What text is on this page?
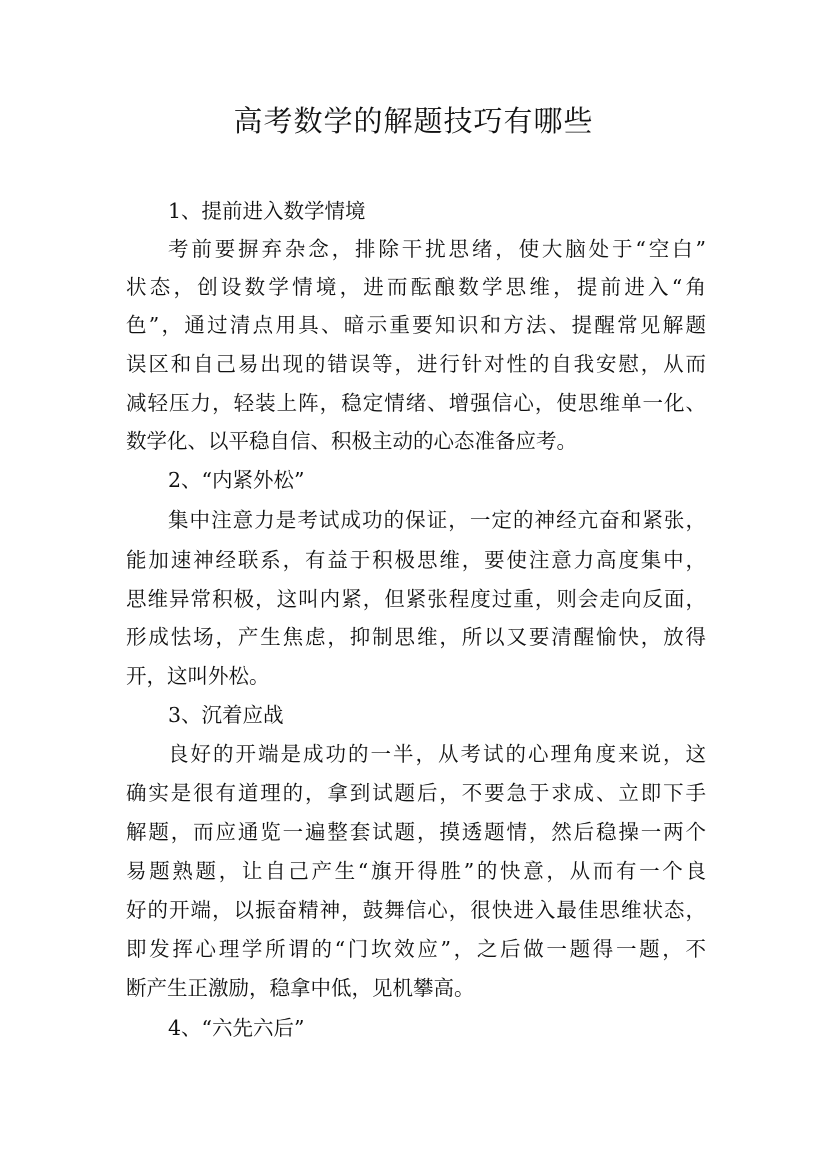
高考数学的解题技巧有哪些
1、提前进入数学情境
考前要摒弃杂念，排除干扰思绪，使大脑处于“空白”
状态，创设数学情境，进而酝酿数学思维，提前进入“角
色”，通过清点用具、暗示重要知识和方法、提醒常见解题
误区和自己易出现的错误等，进行针对性的自我安慰，从而
减轻压力，轻装上阵，稳定情绪、增强信心，使思维单一化、
数学化、以平稳自信、积极主动的心态准备应考。
2、“内紧外松”
集中注意力是考试成功的保证，一定的神经亢奋和紧张，
能加速神经联系，有益于积极思维，要使注意力高度集中，
思维异常积极，这叫内紧，但紧张程度过重，则会走向反面，
形成怯场，产生焦虑，抑制思维，所以又要清醒愉快，放得
开，这叫外松。
3、沉着应战
良好的开端是成功的一半，从考试的心理角度来说，这
确实是很有道理的，拿到试题后，不要急于求成、立即下手
解题，而应通览一遍整套试题，摸透题情，然后稳操一两个
易题熟题，让自己产生“旗开得胜”的快意，从而有一个良
好的开端，以振奋精神，鼓舞信心，很快进入最佳思维状态，
即发挥心理学所谓的“门坎效应”，之后做一题得一题，不
断产生正激励，稳拿中低，见机攀高。
4、“六先六后”
